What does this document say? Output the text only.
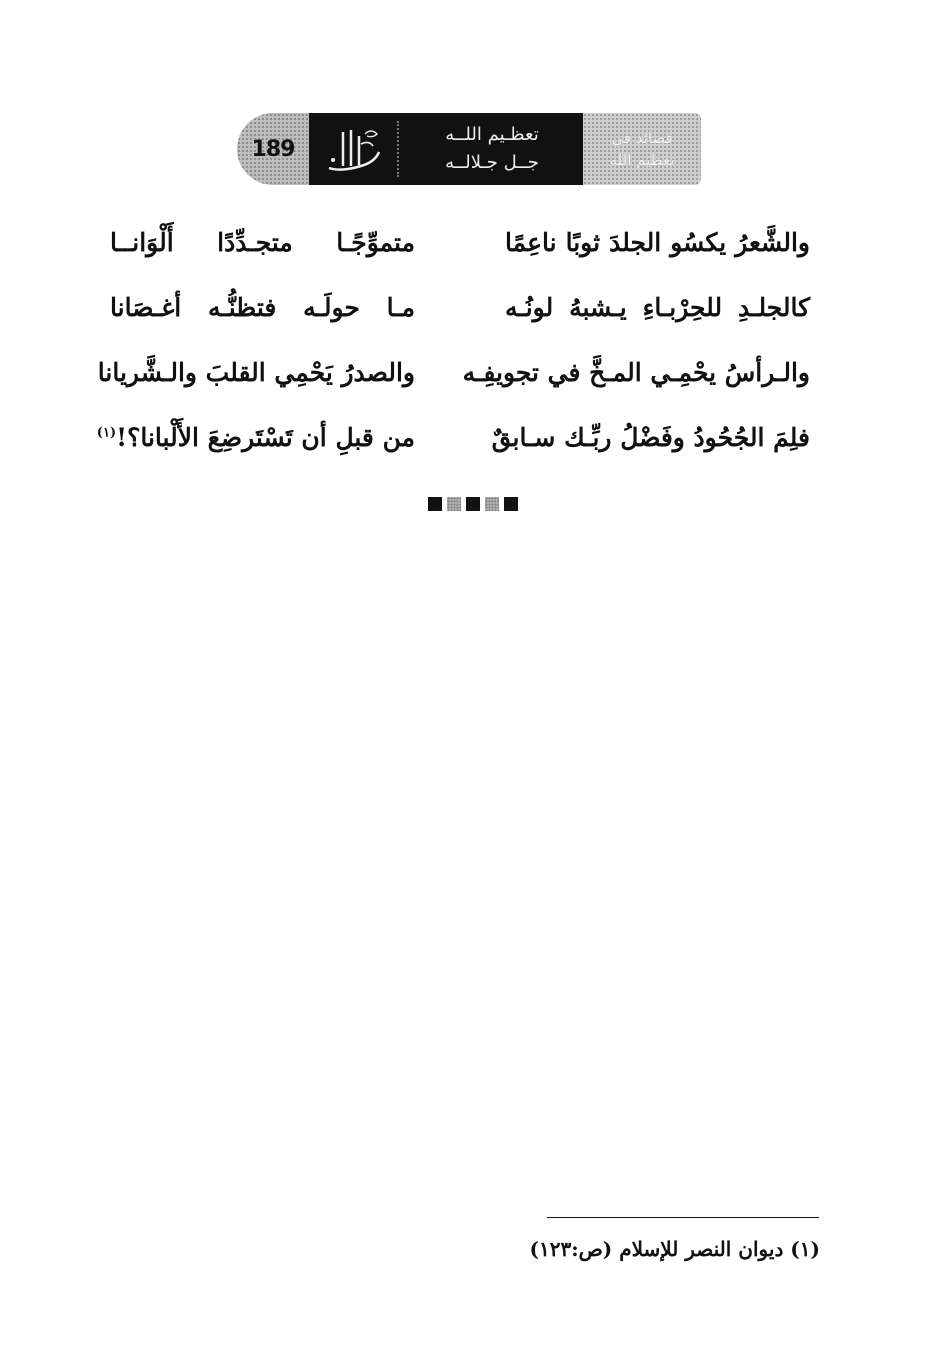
189
تعظـيم اللــه
جــل جـلالــه
قصائد في
تعظيم الله
والشَّعرُ يكسُو الجلدَ ثوبًا ناعِمًا
متموِّجًـا متجـدِّدًا أَلْوَانــا
كالجلـدِ للحِرْبـاءِ يـشبهُ لونُـه
مـا حولَـه فتظنُّـه أغـصَانا
والـرأسُ يحْمِـي المـخَّ في تجويفِـه
والصدرُ يَحْمِي القلبَ والـشَّريانا
فلِمَ الجُحُودُ وفَضْلُ ربِّـك سـابقٌ
من قبلِ أن تَسْتَرضِعَ الأَلْبانا؟!$^{(١)}$
(١) ديوان النصر للإسلام (ص:١٢٣)
